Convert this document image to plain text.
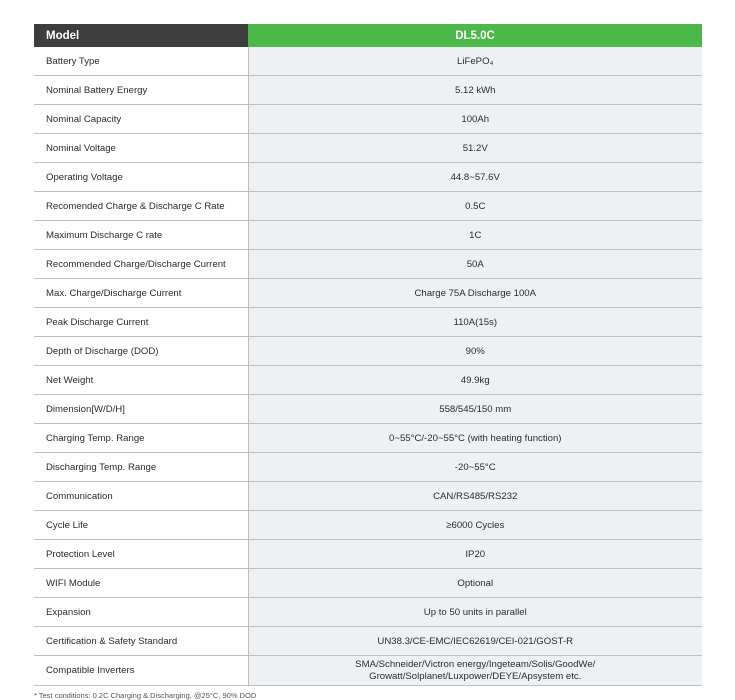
Model	DL5.0C
Battery Type	LiFePO₄
Nominal Battery Energy	5.12 kWh
Nominal Capacity	100Ah
Nominal Voltage	51.2V
Operating Voltage	44.8~57.6V
Recomended Charge & Discharge C Rate	0.5C
Maximum Discharge C rate	1C
Recommended Charge/Discharge Current	50A
Max. Charge/Discharge Current	Charge 75A Discharge 100A
Peak Discharge Current	110A(15s)
Depth of Discharge (DOD)	90%
Net Weight	49.9kg
Dimension[W/D/H]	558/545/150 mm
Charging Temp. Range	0~55°C/-20~55°C (with heating function)
Discharging Temp. Range	-20~55°C
Communication	CAN/RS485/RS232
Cycle Life	≥6000 Cycles
Protection Level	IP20
WIFI Module	Optional
Expansion	Up to 50 units in parallel
Certification & Safety Standard	UN38.3/CE-EMC/IEC62619/CEI-021/GOST-R
Compatible Inverters	SMA/Schneider/Victron energy/Ingeteam/Solis/GoodWe/
Growatt/Solplanet/Luxpower/DEYE/Apsystem etc.
* Test conditions: 0.2C Charging & Discharging, @25°C, 90% DOD
